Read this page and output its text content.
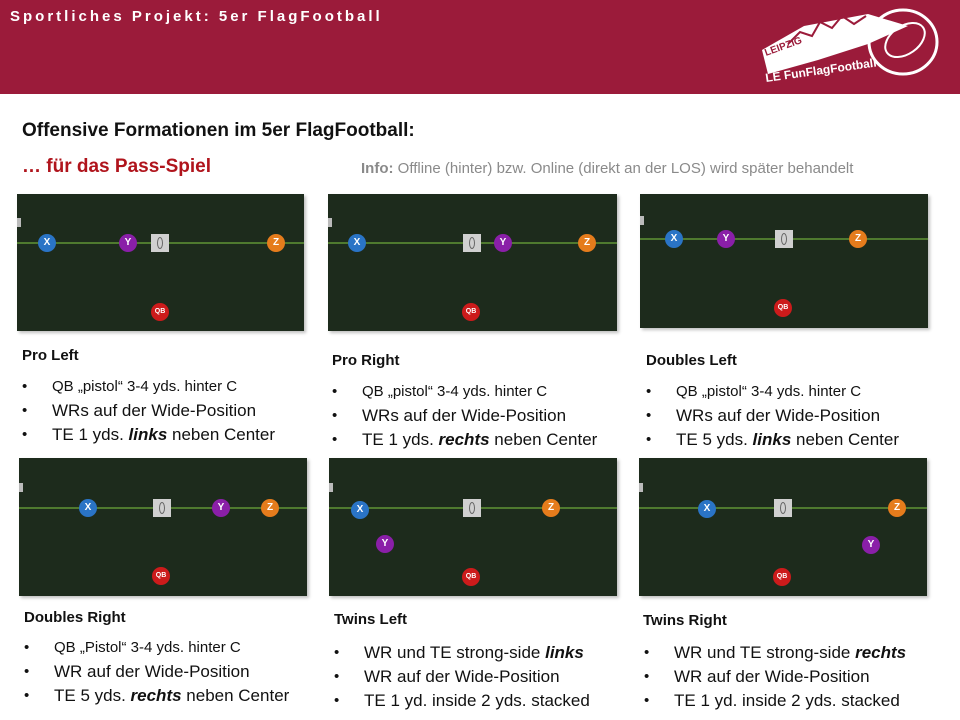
Sportliches Projekt: 5er FlagFootball
LEIPZIG
LE FunFlagFootball
Offensive Formationen im 5er FlagFootball:
… für das Pass-Spiel	Info: Offline (hinter) bzw. Online (direkt an der LOS) wird später behandelt
X	Y	Z
QB
X	Y	Z
QB
X	Y	Z
QB
X	Y	Z
QB
X
Y
Z
QB
X
Y
Z
QB
Pro Left
• QB „pistol“ 3-4 yds. hinter C
• WRs auf der Wide-Position
• TE 1 yds. links neben Center
Pro Right
• QB „pistol“ 3-4 yds. hinter C
• WRs auf der Wide-Position
• TE 1 yds. rechts neben Center
Doubles Left
• QB „pistol“ 3-4 yds. hinter C
• WRs auf der Wide-Position
• TE 5 yds. links neben Center
Doubles Right
• QB „Pistol“ 3-4 yds. hinter C
• WR auf der Wide-Position
• TE 5 yds. rechts neben Center
Twins Left
• WR und TE strong-side links
• WR auf der Wide-Position
• TE 1 yd. inside 2 yds. stacked
Twins Right
• WR und TE strong-side rechts
• WR auf der Wide-Position
• TE 1 yd. inside 2 yds. stacked
